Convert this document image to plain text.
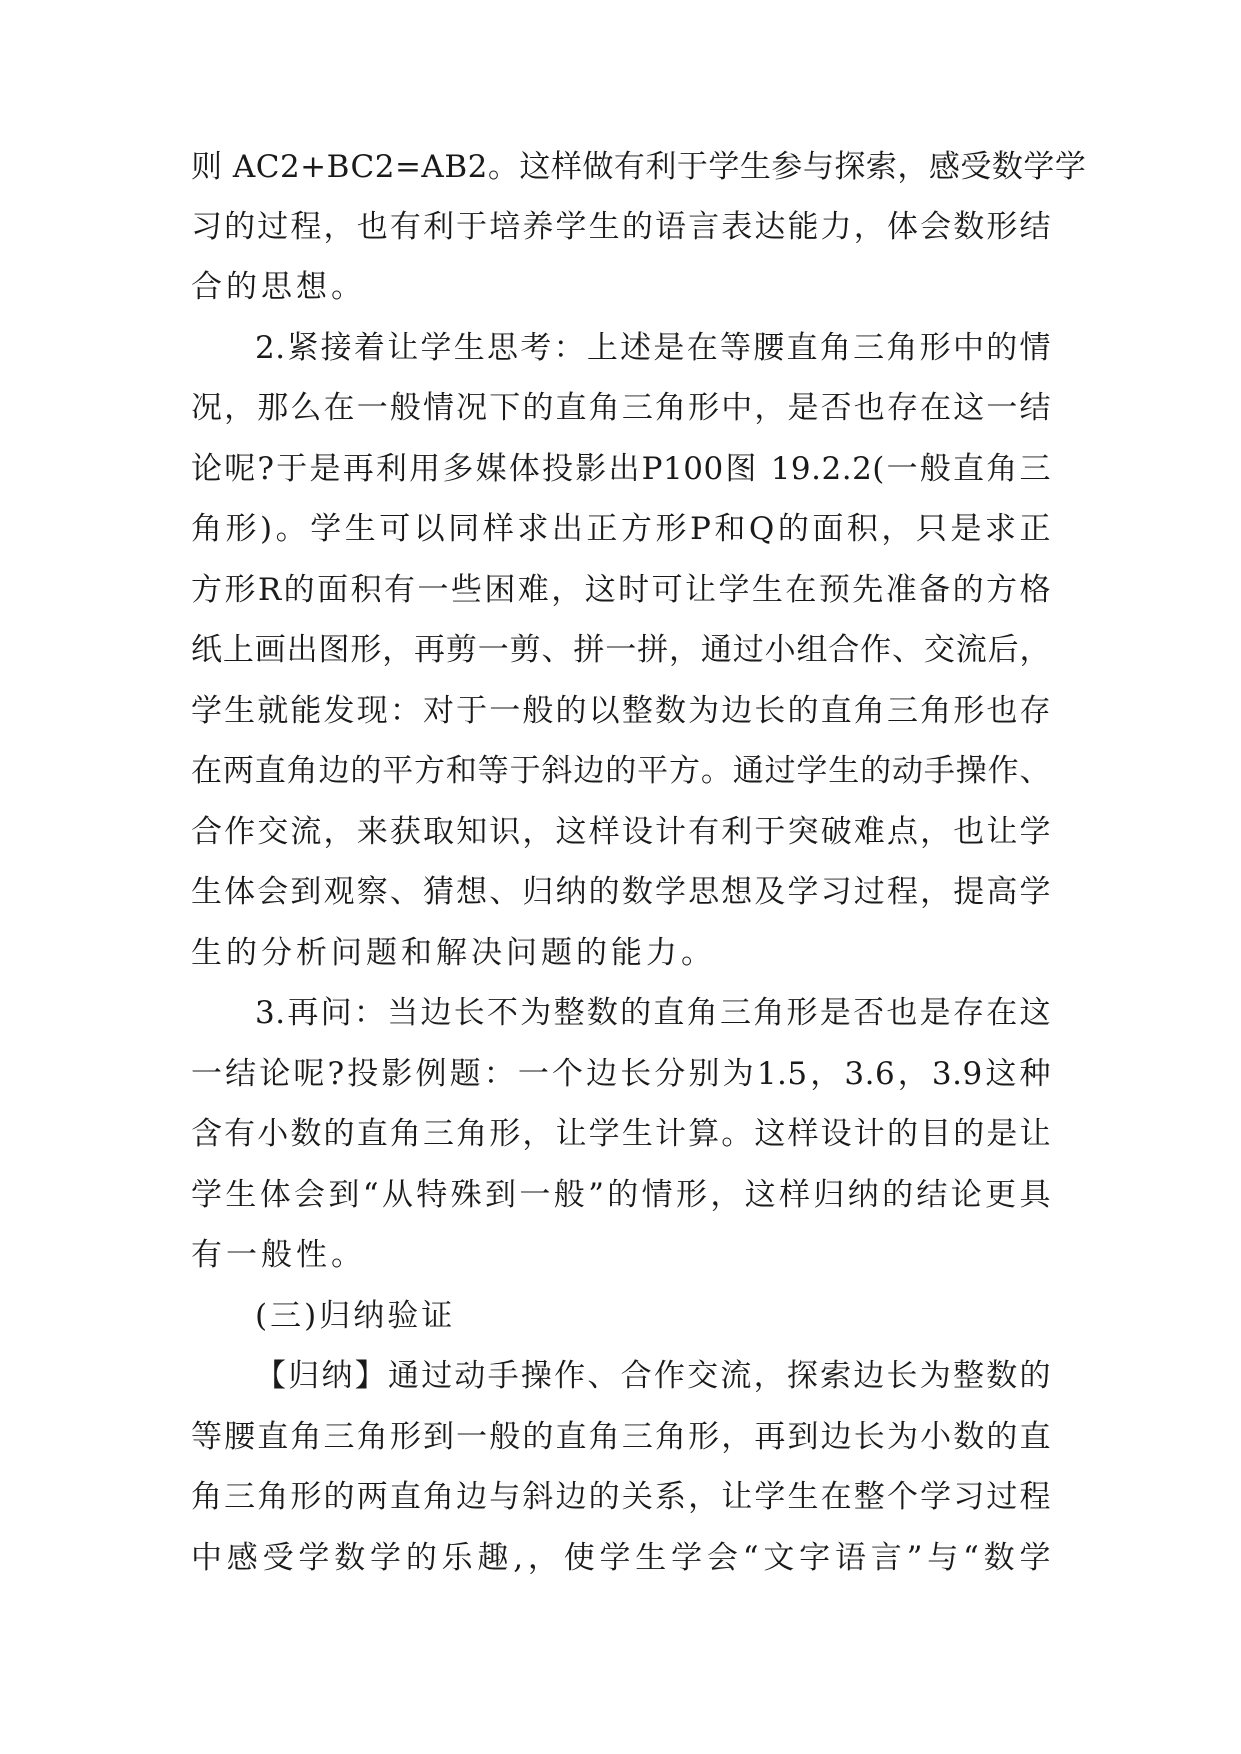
则 AC2+BC2=AB2。这样做有利于学生参与探索，感受数学学
习的过程，也有利于培养学生的语言表达能力，体会数形结
合的思想。
2.紧接着让学生思考：上述是在等腰直角三角形中的情
况，那么在一般情况下的直角三角形中，是否也存在这一结
论呢?于是再利用多媒体投影出P100图 19.2.2(一般直角三
角形)。学生可以同样求出正方形P和Q的面积，只是求正
方形R的面积有一些困难，这时可让学生在预先准备的方格
纸上画出图形，再剪一剪、拼一拼，通过小组合作、交流后，
学生就能发现：对于一般的以整数为边长的直角三角形也存
在两直角边的平方和等于斜边的平方。通过学生的动手操作、
合作交流，来获取知识，这样设计有利于突破难点，也让学
生体会到观察、猜想、归纳的数学思想及学习过程，提高学
生的分析问题和解决问题的能力。
3.再问：当边长不为整数的直角三角形是否也是存在这
一结论呢?投影例题：一个边长分别为1.5，3.6，3.9这种
含有小数的直角三角形，让学生计算。这样设计的目的是让
学生体会到“从特殊到一般”的情形，这样归纳的结论更具
有一般性。
(三)归纳验证
【归纳】通过动手操作、合作交流，探索边长为整数的
等腰直角三角形到一般的直角三角形，再到边长为小数的直
角三角形的两直角边与斜边的关系，让学生在整个学习过程
中感受学数学的乐趣,，使学生学会“文字语言”与“数学
